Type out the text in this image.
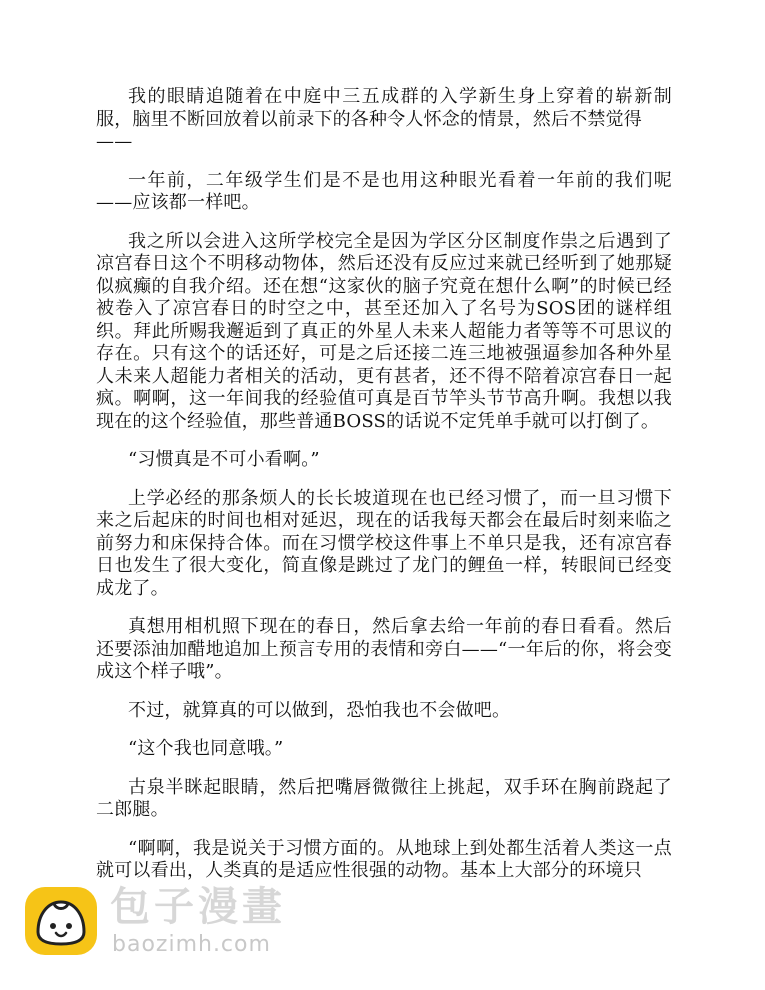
我的眼睛追随着在中庭中三五成群的入学新生身上穿着的崭新制服，脑里不断回放着以前录下的各种令人怀念的情景，然后不禁觉得
——

一年前，二年级学生们是不是也用这种眼光看着一年前的我们呢——应该都一样吧。

我之所以会进入这所学校完全是因为学区分区制度作祟之后遇到了凉宫春日这个不明移动物体，然后还没有反应过来就已经听到了她那疑似疯癫的自我介绍。还在想“这家伙的脑子究竟在想什么啊”的时候已经被卷入了凉宫春日的时空之中，甚至还加入了名号为SOS团的谜样组织。拜此所赐我邂逅到了真正的外星人未来人超能力者等等不可思议的存在。只有这个的话还好，可是之后还接二连三地被强逼参加各种外星人未来人超能力者相关的活动，更有甚者，还不得不陪着凉宫春日一起疯。啊啊，这一年间我的经验值可真是百节竿头节节高升啊。我想以我现在的这个经验值，那些普通BOSS的话说不定凭单手就可以打倒了。

“习惯真是不可小看啊。”

上学必经的那条烦人的长长坡道现在也已经习惯了，而一旦习惯下来之后起床的时间也相对延迟，现在的话我每天都会在最后时刻来临之前努力和床保持合体。而在习惯学校这件事上不单只是我，还有凉宫春日也发生了很大变化，简直像是跳过了龙门的鲤鱼一样，转眼间已经变成龙了。

真想用相机照下现在的春日，然后拿去给一年前的春日看看。然后还要添油加醋地追加上预言专用的表情和旁白——“一年后的你，将会变成这个样子哦”。

不过，就算真的可以做到，恐怕我也不会做吧。

“这个我也同意哦。”

古泉半眯起眼睛，然后把嘴唇微微往上挑起，双手环在胸前跷起了二郎腿。

“啊啊，我是说关于习惯方面的。从地球上到处都生活着人类这一点就可以看出，人类真的是适应性很强的动物。基本上大部分的环境只

包子漫畫
baozimh.com
